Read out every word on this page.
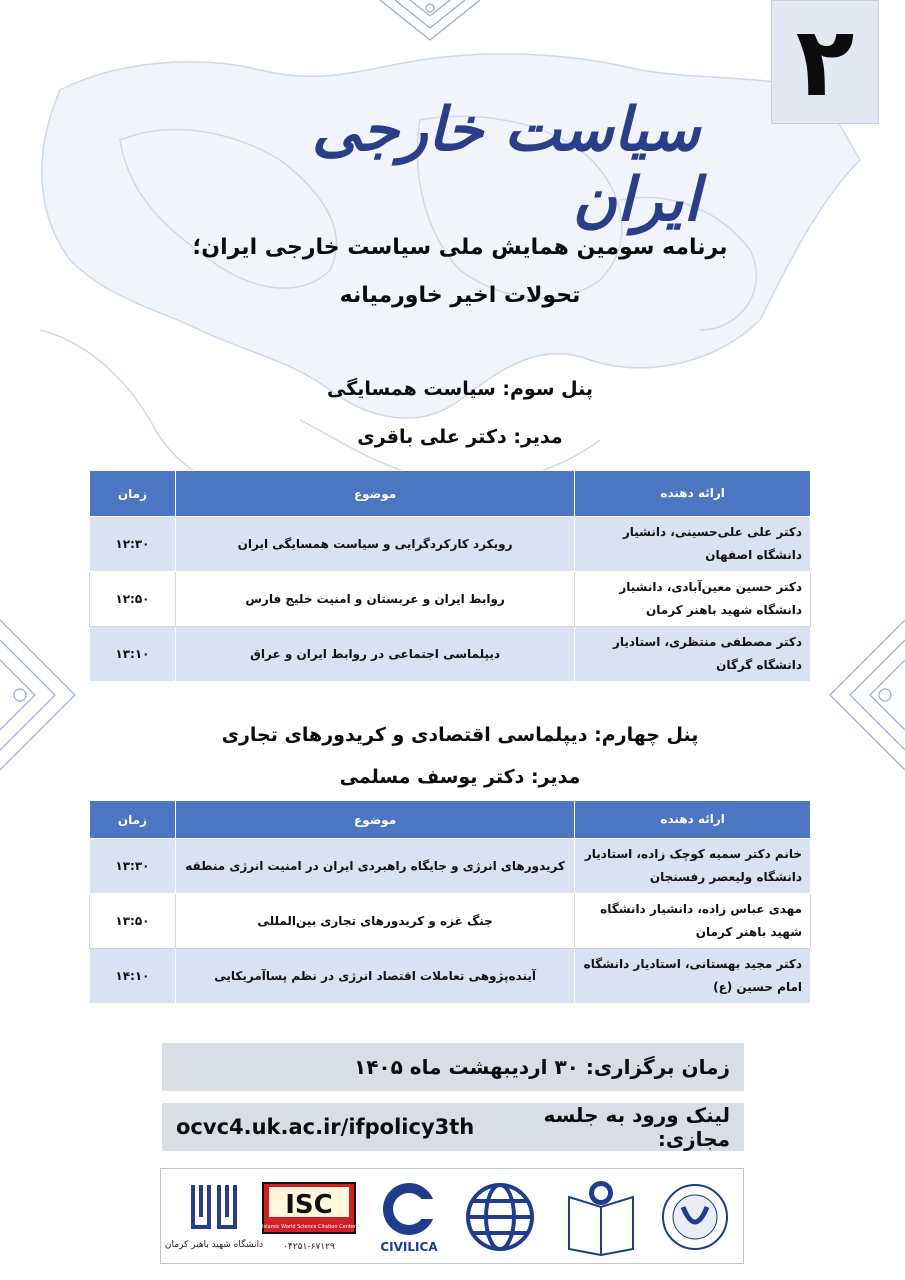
۲
سیاست خارجی ایران
برنامه سومین همایش ملی سیاست خارجی ایران؛
تحولات اخیر خاورمیانه
پنل سوم: سیاست همسایگی
مدیر: دکتر علی باقری
ارائه دهنده	موضوع	زمان

دکتر علی علی‌حسینی، دانشیار
دانشگاه اصفهان	رویکرد کارکردگرایی و سیاست همسایگی ایران	۱۲:۳۰

دکتر حسین معین‌آبادی، دانشیار
دانشگاه شهید باهنر کرمان	روابط ایران و عربستان و امنیت خلیج فارس	۱۲:۵۰

دکتر مصطفی منتظری، استادیار
دانشگاه گرگان	دیپلماسی اجتماعی در روابط ایران و عراق	۱۳:۱۰
پنل چهارم: دیپلماسی اقتصادی و کریدورهای تجاری
مدیر: دکتر یوسف مسلمی
ارائه دهنده	موضوع	زمان

خانم دکتر سمیه کوچک زاده، استادیار
دانشگاه ولیعصر رفسنجان	کریدورهای انرژی و جایگاه راهبردی ایران در امنیت انرژی منطقه	۱۳:۳۰

مهدی عباس زاده، دانشیار دانشگاه
شهید باهنر کرمان	جنگ غزه و کریدورهای تجاری بین‌المللی	۱۳:۵۰

دکتر مجید بهستانی، استادیار دانشگاه
امام حسین (ع)	آینده‌پژوهی تعاملات اقتصاد انرژی در نظم پساآمریکایی	۱۴:۱۰
زمان برگزاری: ۳۰ اردیبهشت ماه ۱۴۰۵
لینک ورود به جلسه مجازی:
ocvc4.uk.ac.ir/ifpolicy3th
دانشگاه شهید باهنر کرمان
ISC
Islamic World Science Citation Center
۰۴۲۵۱-۶۷۱۲۹	CIVILICA
